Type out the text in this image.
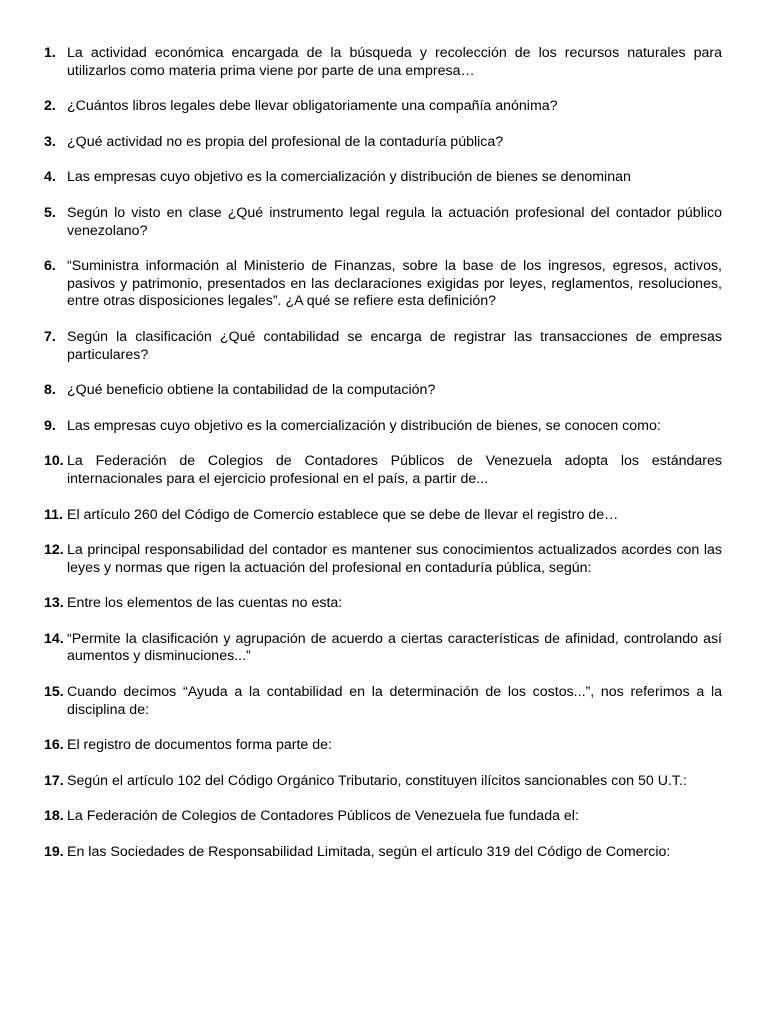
1. La actividad económica encargada de la búsqueda y recolección de los recursos naturales para utilizarlos como materia prima viene por parte de una empresa…
2. ¿Cuántos libros legales debe llevar obligatoriamente una compañía anónima?
3. ¿Qué actividad no es propia del profesional de la contaduría pública?
4. Las empresas cuyo objetivo es la comercialización y distribución de bienes se denominan
5. Según lo visto en clase ¿Qué instrumento legal regula la actuación profesional del contador público venezolano?
6. “Suministra información al Ministerio de Finanzas, sobre la base de los ingresos, egresos, activos, pasivos y patrimonio, presentados en las declaraciones exigidas por leyes, reglamentos, resoluciones, entre otras disposiciones legales”. ¿A qué se refiere esta definición?
7. Según la clasificación ¿Qué contabilidad se encarga de registrar las transacciones de empresas particulares?
8. ¿Qué beneficio obtiene la contabilidad de la computación?
9. Las empresas cuyo objetivo es la comercialización y distribución de bienes, se conocen como:
10. La Federación de Colegios de Contadores Públicos de Venezuela adopta los estándares internacionales para el ejercicio profesional en el país, a partir de...
11. El artículo 260 del Código de Comercio establece que se debe de llevar el registro de…
12. La principal responsabilidad del contador es mantener sus conocimientos actualizados acordes con las leyes y normas que rigen la actuación del profesional en contaduría pública, según:
13. Entre los elementos de las cuentas no esta:
14. “Permite la clasificación y agrupación de acuerdo a ciertas características de afinidad, controlando así aumentos y disminuciones...”
15. Cuando decimos “Ayuda a la contabilidad en la determinación de los costos...”, nos referimos a la disciplina de:
16. El registro de documentos forma parte de:
17. Según el artículo 102 del Código Orgánico Tributario, constituyen ilícitos sancionables con 50 U.T.:
18. La Federación de Colegios de Contadores Públicos de Venezuela fue fundada el:
19. En las Sociedades de Responsabilidad Limitada, según el artículo 319 del Código de Comercio:
